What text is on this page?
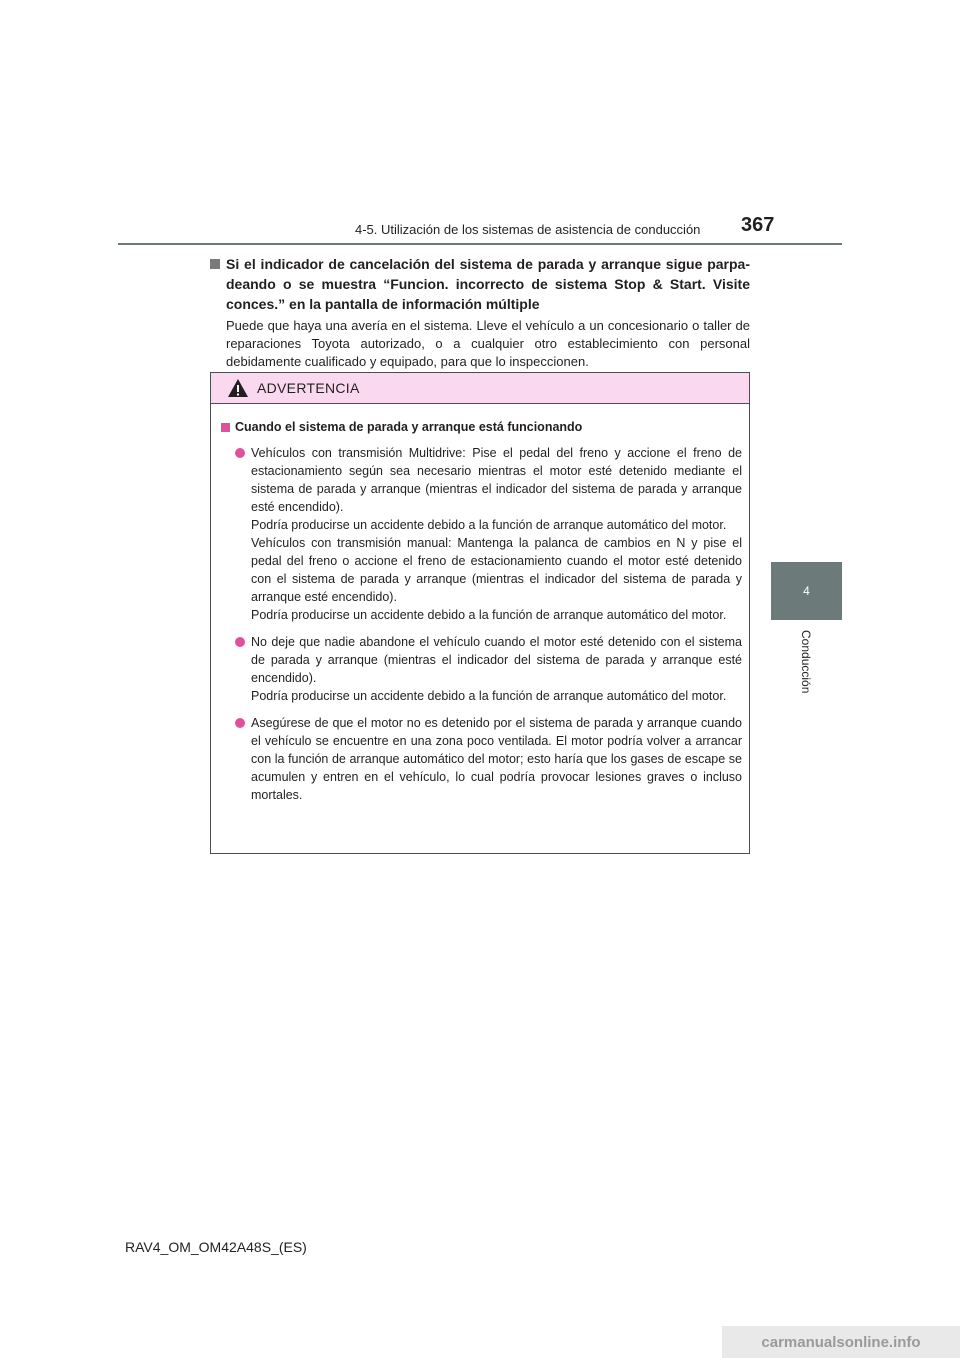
4-5. Utilización de los sistemas de asistencia de conducción 367
4
Conducción

Si el indicador de cancelación del sistema de parada y arranque sigue parpadeando o se muestra “Funcion. incorrecto de sistema Stop & Start. Visite conces.” en la pantalla de información múltiple

Puede que haya una avería en el sistema. Lleve el vehículo a un concesionario o taller de reparaciones Toyota autorizado, o a cualquier otro establecimiento con personal debidamente cualificado y equipado, para que lo inspeccionen.

ADVERTENCIA

Cuando el sistema de parada y arranque está funcionando

Vehículos con transmisión Multidrive: Pise el pedal del freno y accione el freno de estacionamiento según sea necesario mientras el motor esté detenido mediante el sistema de parada y arranque (mientras el indicador del sistema de parada y arranque esté encendido).

Podría producirse un accidente debido a la función de arranque automático del motor.

Vehículos con transmisión manual: Mantenga la palanca de cambios en N y pise el pedal del freno o accione el freno de estacionamiento cuando el motor esté detenido con el sistema de parada y arranque (mientras el indicador del sistema de parada y arranque esté encendido).

Podría producirse un accidente debido a la función de arranque automático del motor.

No deje que nadie abandone el vehículo cuando el motor esté detenido con el sistema de parada y arranque (mientras el indicador del sistema de parada y arranque esté encendido).

Podría producirse un accidente debido a la función de arranque automático del motor.

Asegúrese de que el motor no es detenido por el sistema de parada y arranque cuando el vehículo se encuentre en una zona poco ventilada. El motor podría volver a arrancar con la función de arranque automático del motor; esto haría que los gases de escape se acumulen y entren en el vehículo, lo cual podría provocar lesiones graves o incluso mortales.

RAV4_OM_OM42A48S_(ES)
carmanualsonline.info
